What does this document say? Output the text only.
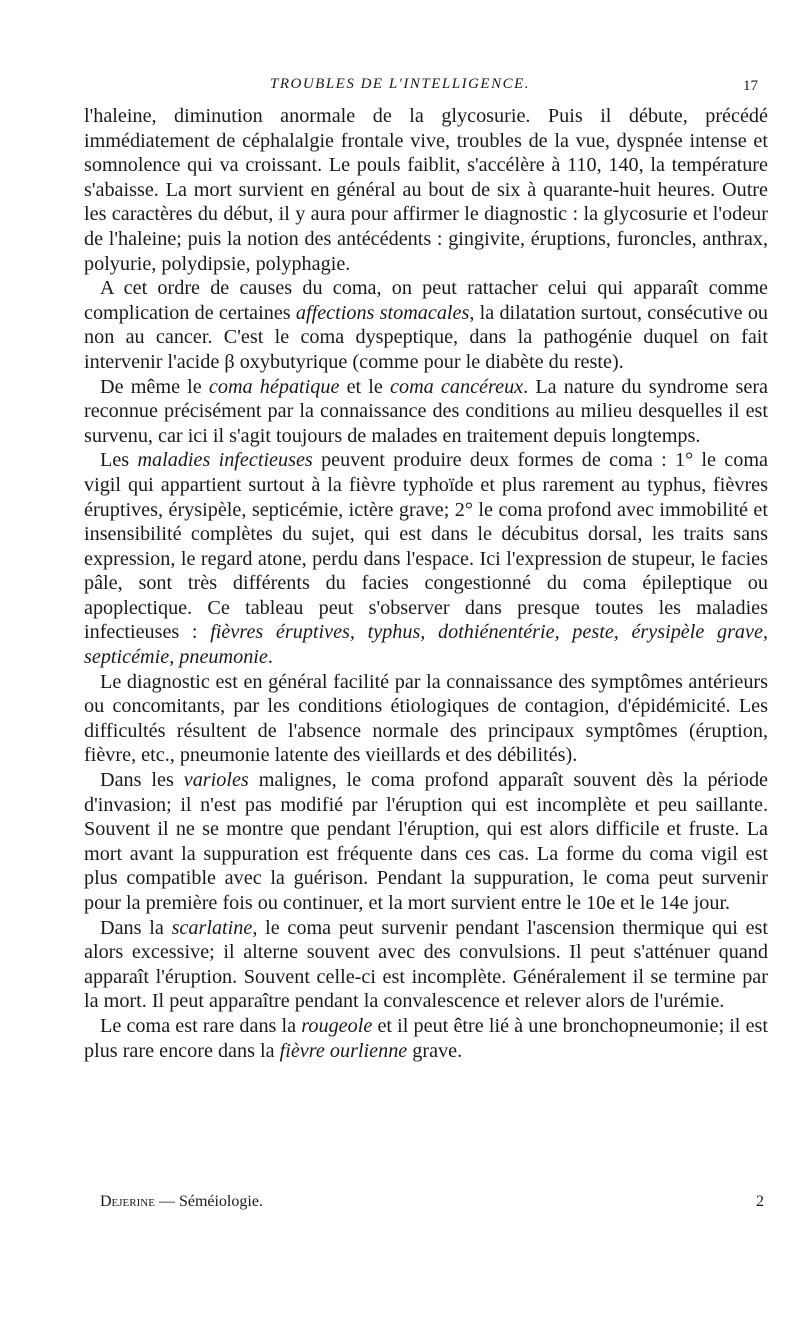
TROUBLES DE L'INTELLIGENCE.	17

l'haleine, diminution anormale de la glycosurie. Puis il débute, précédé immédiatement de céphalalgie frontale vive, troubles de la vue, dyspnée intense et somnolence qui va croissant. Le pouls faiblit, s'accélère à 110, 140, la température s'abaisse. La mort survient en général au bout de six à quarante-huit heures. Outre les caractères du début, il y aura pour affirmer le diagnostic : la glycosurie et l'odeur de l'haleine; puis la notion des antécédents : gingivite, éruptions, furoncles, anthrax, polyurie, polydipsie, polyphagie.

A cet ordre de causes du coma, on peut rattacher celui qui apparaît comme complication de certaines affections stomacales, la dilatation surtout, consécutive ou non au cancer. C'est le coma dyspeptique, dans la pathogénie duquel on fait intervenir l'acide β oxybutyrique (comme pour le diabète du reste).

De même le coma hépatique et le coma cancéreux. La nature du syndrome sera reconnue précisément par la connaissance des conditions au milieu desquelles il est survenu, car ici il s'agit toujours de malades en traitement depuis longtemps.

Les maladies infectieuses peuvent produire deux formes de coma : 1° le coma vigil qui appartient surtout à la fièvre typhoïde et plus rarement au typhus, fièvres éruptives, érysipèle, septicémie, ictère grave; 2° le coma profond avec immobilité et insensibilité complètes du sujet, qui est dans le décubitus dorsal, les traits sans expression, le regard atone, perdu dans l'espace. Ici l'expression de stupeur, le facies pâle, sont très différents du facies congestionné du coma épileptique ou apoplectique. Ce tableau peut s'observer dans presque toutes les maladies infectieuses : fièvres éruptives, typhus, dothiénentérie, peste, érysipèle grave, septicémie, pneumonie.

Le diagnostic est en général facilité par la connaissance des symptômes antérieurs ou concomitants, par les conditions étiologiques de contagion, d'épidémicité. Les difficultés résultent de l'absence normale des principaux symptômes (éruption, fièvre, etc., pneumonie latente des vieillards et des débilités).

Dans les varioles malignes, le coma profond apparaît souvent dès la période d'invasion; il n'est pas modifié par l'éruption qui est incomplète et peu saillante. Souvent il ne se montre que pendant l'éruption, qui est alors difficile et fruste. La mort avant la suppuration est fréquente dans ces cas. La forme du coma vigil est plus compatible avec la guérison. Pendant la suppuration, le coma peut survenir pour la première fois ou continuer, et la mort survient entre le 10e et le 14e jour.

Dans la scarlatine, le coma peut survenir pendant l'ascension thermique qui est alors excessive; il alterne souvent avec des convulsions. Il peut s'atténuer quand apparaît l'éruption. Souvent celle-ci est incomplète. Généralement il se termine par la mort. Il peut apparaître pendant la convalescence et relever alors de l'urémie.

Le coma est rare dans la rougeole et il peut être lié à une bronchopneumonie; il est plus rare encore dans la fièvre ourlienne grave.

Dejerine — Séméiologie.	2
